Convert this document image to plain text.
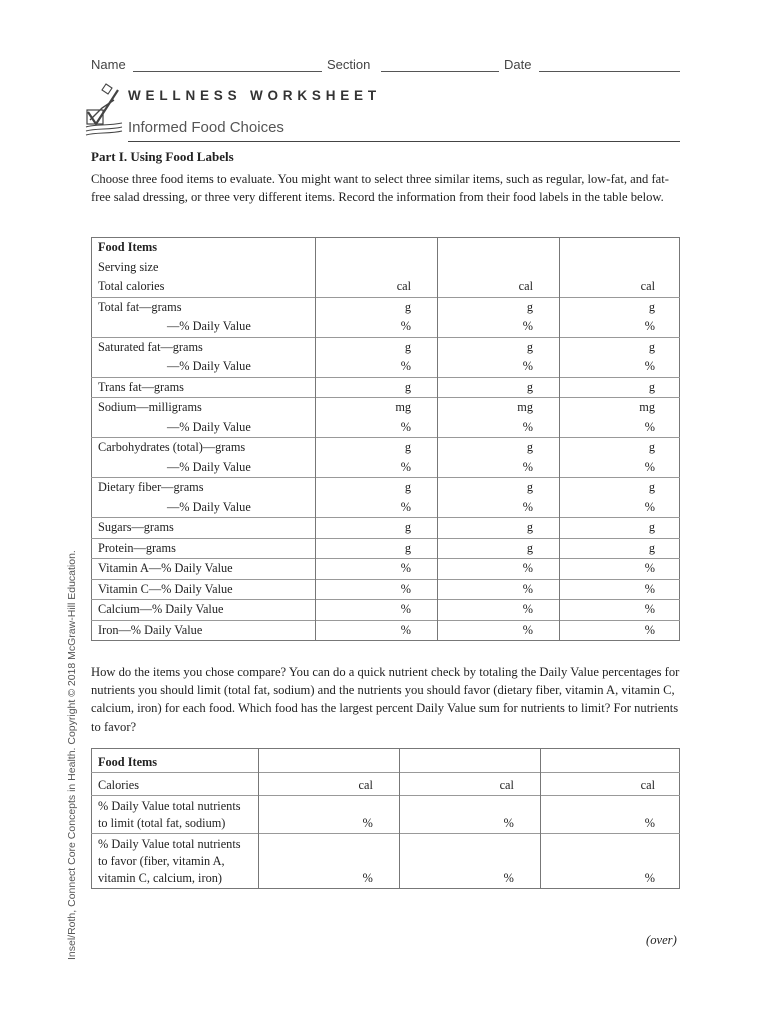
Name	Section	Date
WELLNESS WORKSHEET
Informed Food Choices
Insel/Roth, Connect Core Concepts in Health. Copyright © 2018 McGraw-Hill Education.
Part I. Using Food Labels
Choose three food items to evaluate. You might want to select three similar items, such as regular, low-fat, and fat-free salad dressing, or three very different items. Record the information from their food labels in the table below.
Food Items			
Serving size			
Total calories	cal	cal	cal
Total fat—grams	g	g	g
—% Daily Value	%	%	%
Saturated fat—grams	g	g	g
—% Daily Value	%	%	%
Trans fat—grams	g	g	g
Sodium—milligrams	mg	mg	mg
—% Daily Value	%	%	%
Carbohydrates (total)—grams	g	g	g
—% Daily Value	%	%	%
Dietary fiber—grams	g	g	g
—% Daily Value	%	%	%
Sugars—grams	g	g	g
Protein—grams	g	g	g
Vitamin A—% Daily Value	%	%	%
Vitamin C—% Daily Value	%	%	%
Calcium—% Daily Value	%	%	%
Iron—% Daily Value	%	%	%
How do the items you chose compare? You can do a quick nutrient check by totaling the Daily Value percentages for nutrients you should limit (total fat, sodium) and the nutrients you should favor (dietary fiber, vitamin A, vitamin C, calcium, iron) for each food. Which food has the largest percent Daily Value sum for nutrients to limit? For nutrients to favor?
Food Items			
Calories	cal	cal	cal
% Daily Value total nutrients
to limit (total fat, sodium)	%	%	%
% Daily Value total nutrients
to favor (fiber, vitamin A,
vitamin C, calcium, iron)	%	%	%
(over)
